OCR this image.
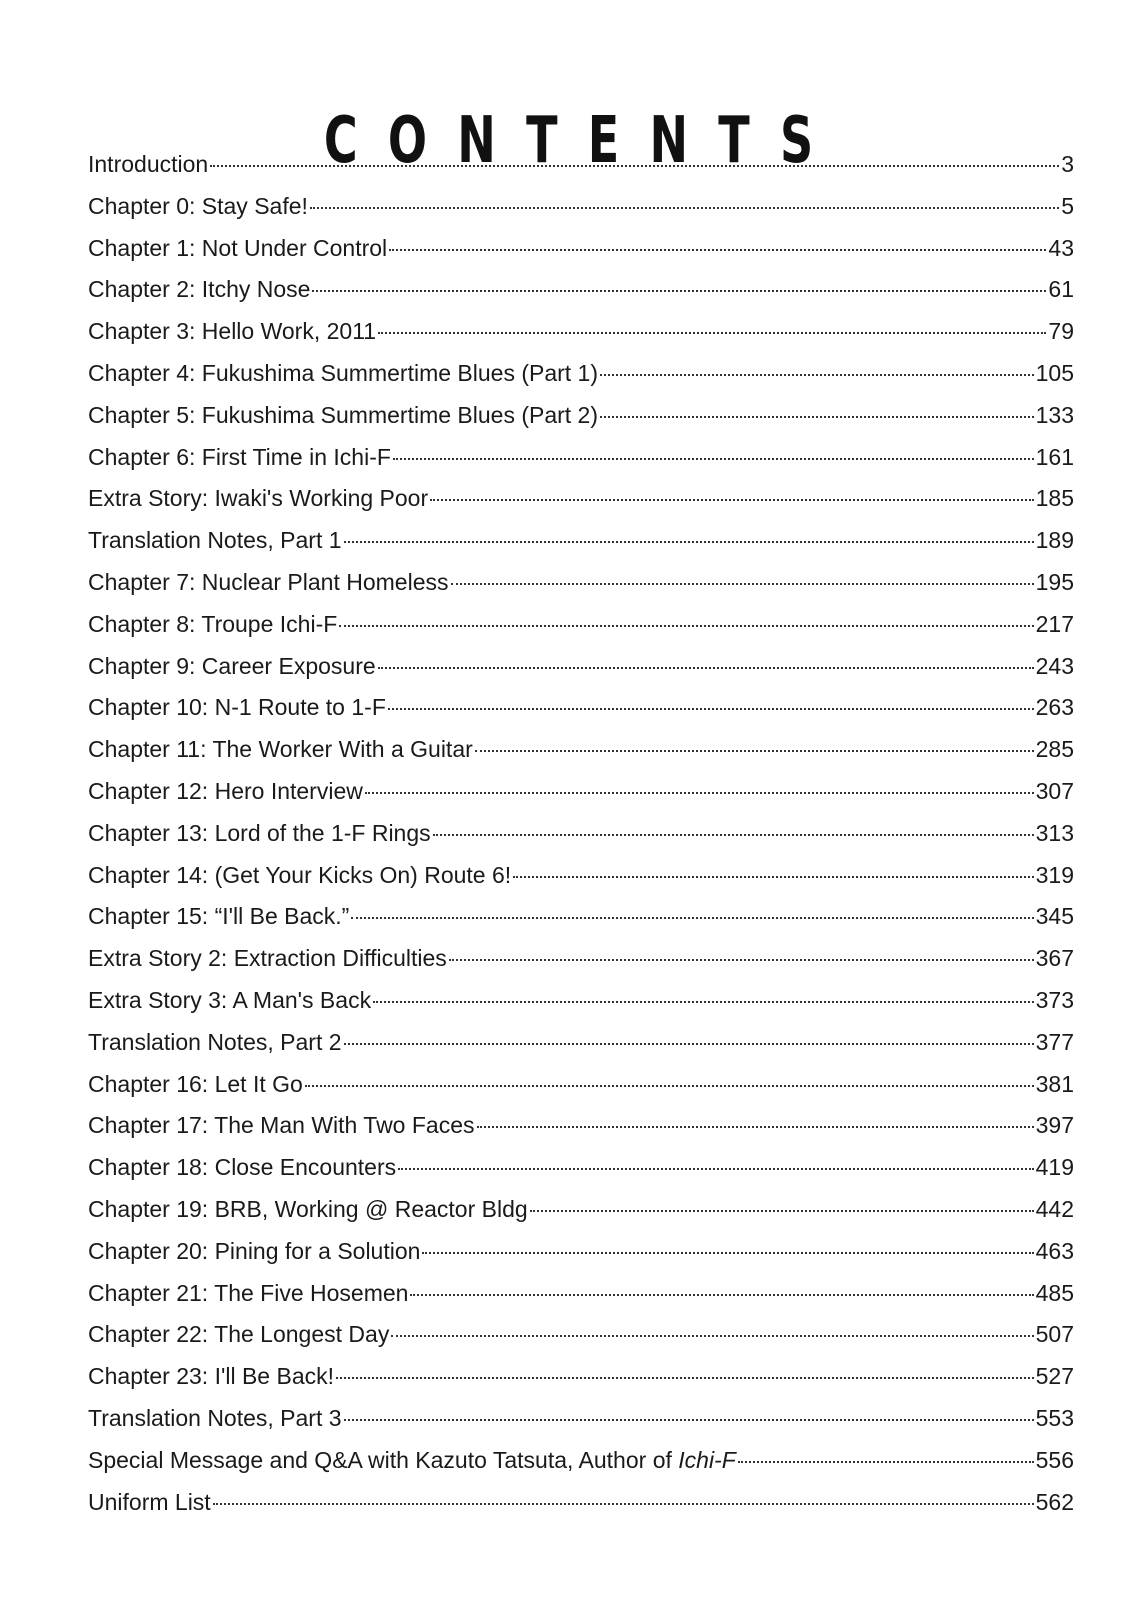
CONTENTS
Introduction	3
Chapter 0: Stay Safe!	5
Chapter 1: Not Under Control	43
Chapter 2: Itchy Nose	61
Chapter 3: Hello Work, 2011	79
Chapter 4: Fukushima Summertime Blues (Part 1)	105
Chapter 5: Fukushima Summertime Blues (Part 2)	133
Chapter 6: First Time in Ichi-F	161
Extra Story: Iwaki's Working Poor	185
Translation Notes, Part 1	189
Chapter 7: Nuclear Plant Homeless	195
Chapter 8: Troupe Ichi-F	217
Chapter 9: Career Exposure	243
Chapter 10: N-1 Route to 1-F	263
Chapter 11: The Worker With a Guitar	285
Chapter 12: Hero Interview	307
Chapter 13: Lord of the 1-F Rings	313
Chapter 14: (Get Your Kicks On) Route 6!	319
Chapter 15: “I'll Be Back.”	345
Extra Story 2: Extraction Difficulties	367
Extra Story 3: A Man's Back	373
Translation Notes, Part 2	377
Chapter 16: Let It Go	381
Chapter 17: The Man With Two Faces	397
Chapter 18: Close Encounters	419
Chapter 19: BRB, Working @ Reactor Bldg	442
Chapter 20: Pining for a Solution	463
Chapter 21: The Five Hosemen	485
Chapter 22: The Longest Day	507
Chapter 23: I'll Be Back!	527
Translation Notes, Part 3	553
Special Message and Q&A with Kazuto Tatsuta, Author of Ichi-F	556
Uniform List	562
